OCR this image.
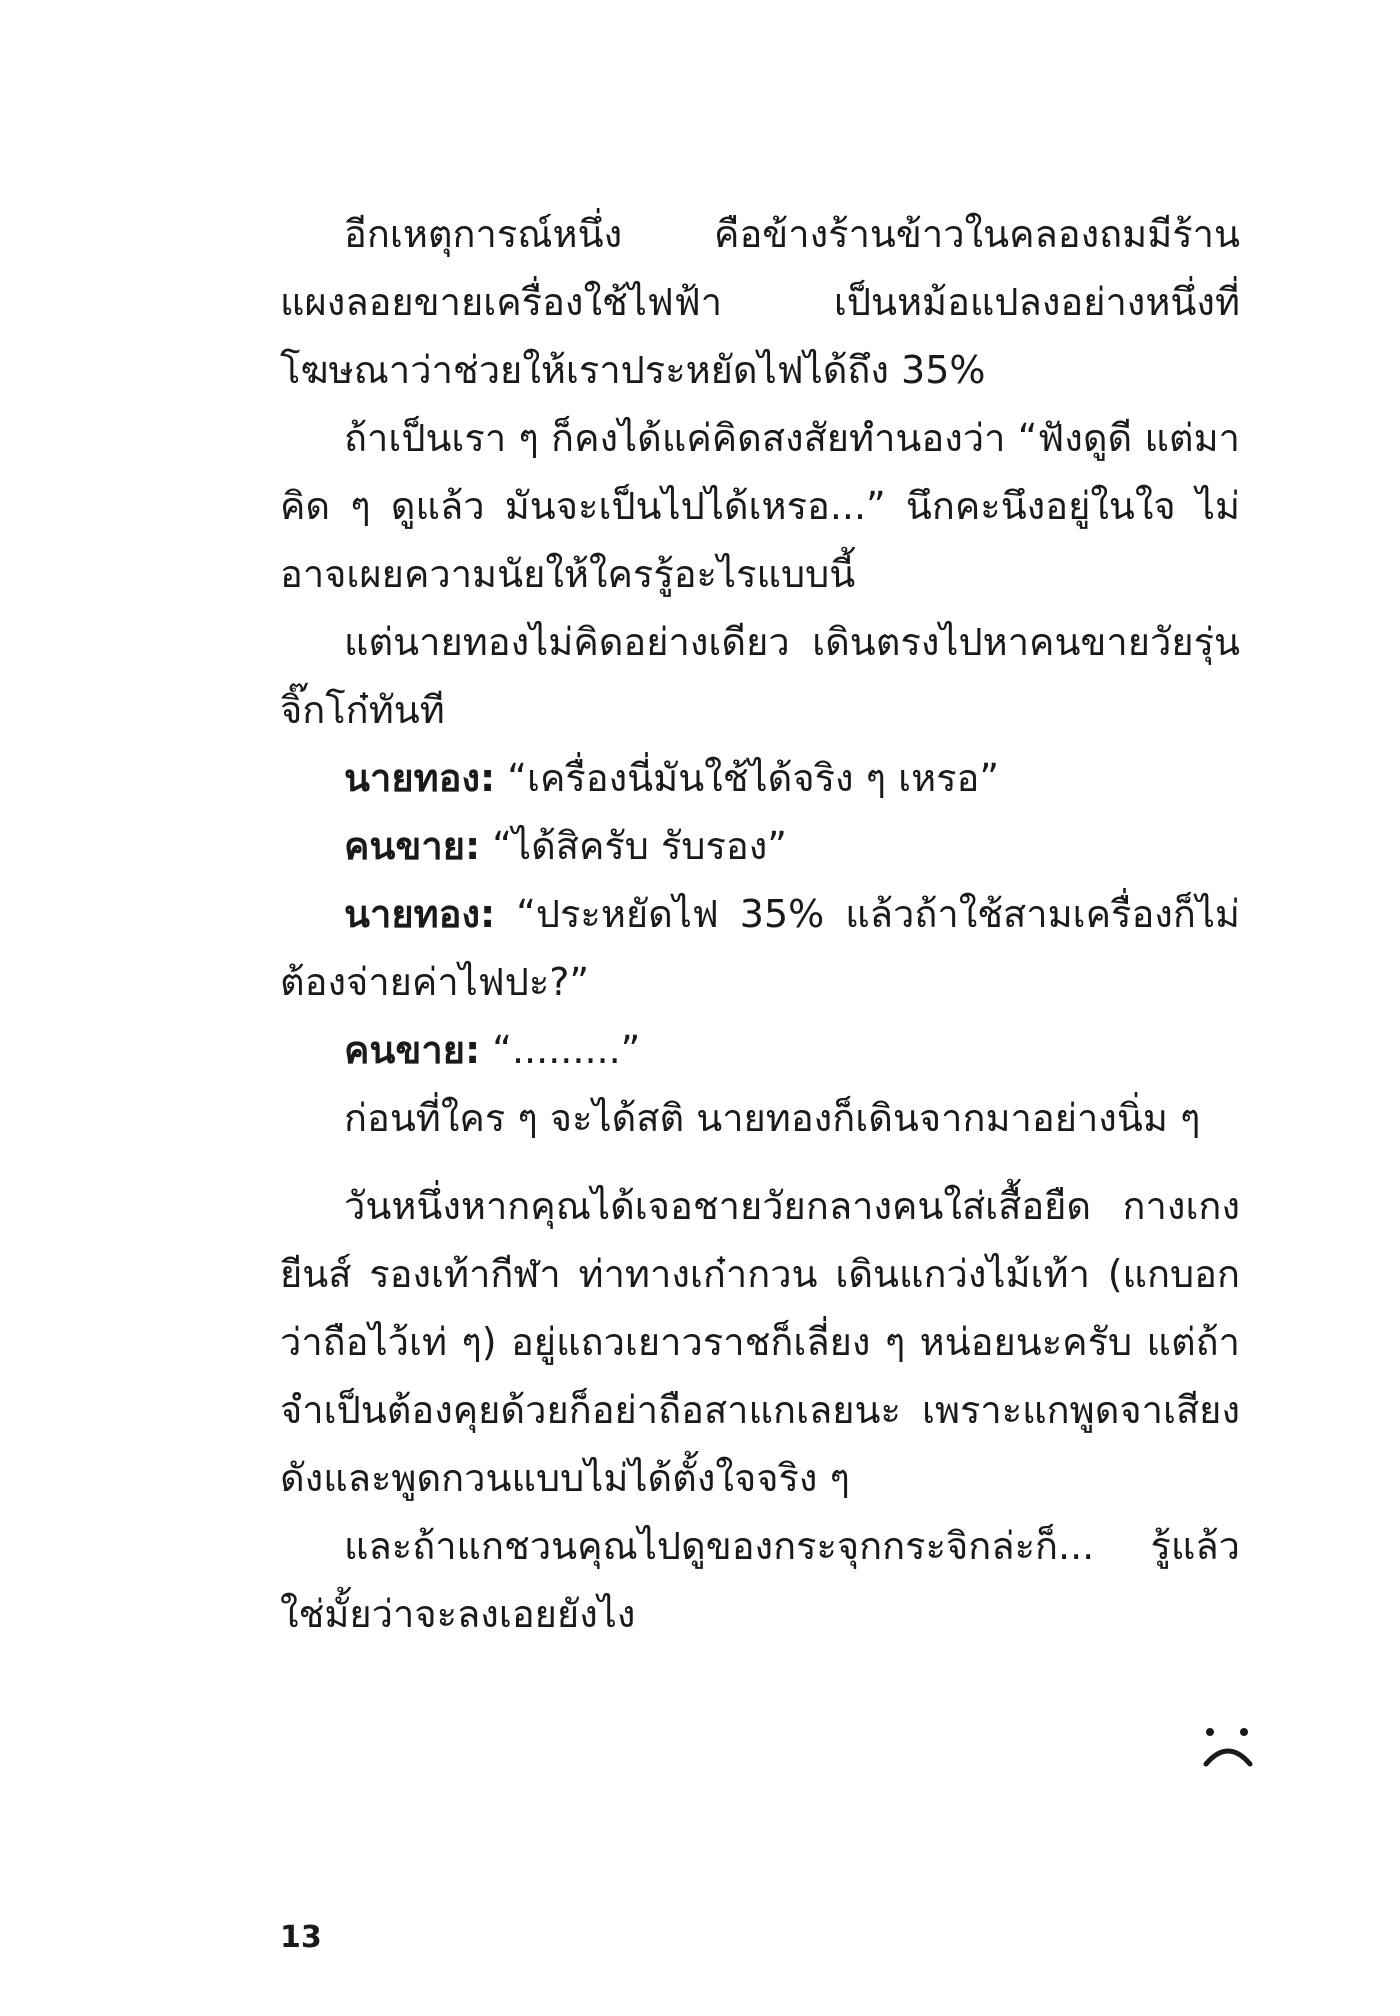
อีกเหตุการณ์หนึ่ง คือข้างร้านข้าวในคลองถมมีร้านแผงลอยขายเครื่องใช้ไฟฟ้า เป็นหม้อแปลงอย่างหนึ่งที่โฆษณาว่าช่วยให้เราประหยัดไฟได้ถึง 35%

ถ้าเป็นเรา ๆ ก็คงได้แค่คิดสงสัยทำนองว่า “ฟังดูดี แต่มาคิด ๆ ดูแล้ว มันจะเป็นไปได้เหรอ...” นึกคะนึงอยู่ในใจ ไม่อาจเผยความนัยให้ใครรู้อะไรแบบนี้

แต่นายทองไม่คิดอย่างเดียว เดินตรงไปหาคนขายวัยรุ่นจิ๊กโก๋ทันที

นายทอง: “เครื่องนี่มันใช้ได้จริง ๆ เหรอ”

คนขาย: “ได้สิครับ รับรอง”

นายทอง: “ประหยัดไฟ 35% แล้วถ้าใช้สามเครื่องก็ไม่ต้องจ่ายค่าไฟปะ?”

คนขาย: “.........”

ก่อนที่ใคร ๆ จะได้สติ นายทองก็เดินจากมาอย่างนิ่ม ๆ

วันหนึ่งหากคุณได้เจอชายวัยกลางคนใส่เสื้อยืด กางเกงยีนส์ รองเท้ากีฬา ท่าทางเก๋ากวน เดินแกว่งไม้เท้า (แกบอกว่าถือไว้เท่ ๆ) อยู่แถวเยาวราชก็เลี่ยง ๆ หน่อยนะครับ แต่ถ้าจำเป็นต้องคุยด้วยก็อย่าถือสาแกเลยนะ เพราะแกพูดจาเสียงดังและพูดกวนแบบไม่ได้ตั้งใจจริง ๆ

และถ้าแกชวนคุณไปดูของกระจุกกระจิกล่ะก็... รู้แล้วใช่มั้ยว่าจะลงเอยยังไง

13
